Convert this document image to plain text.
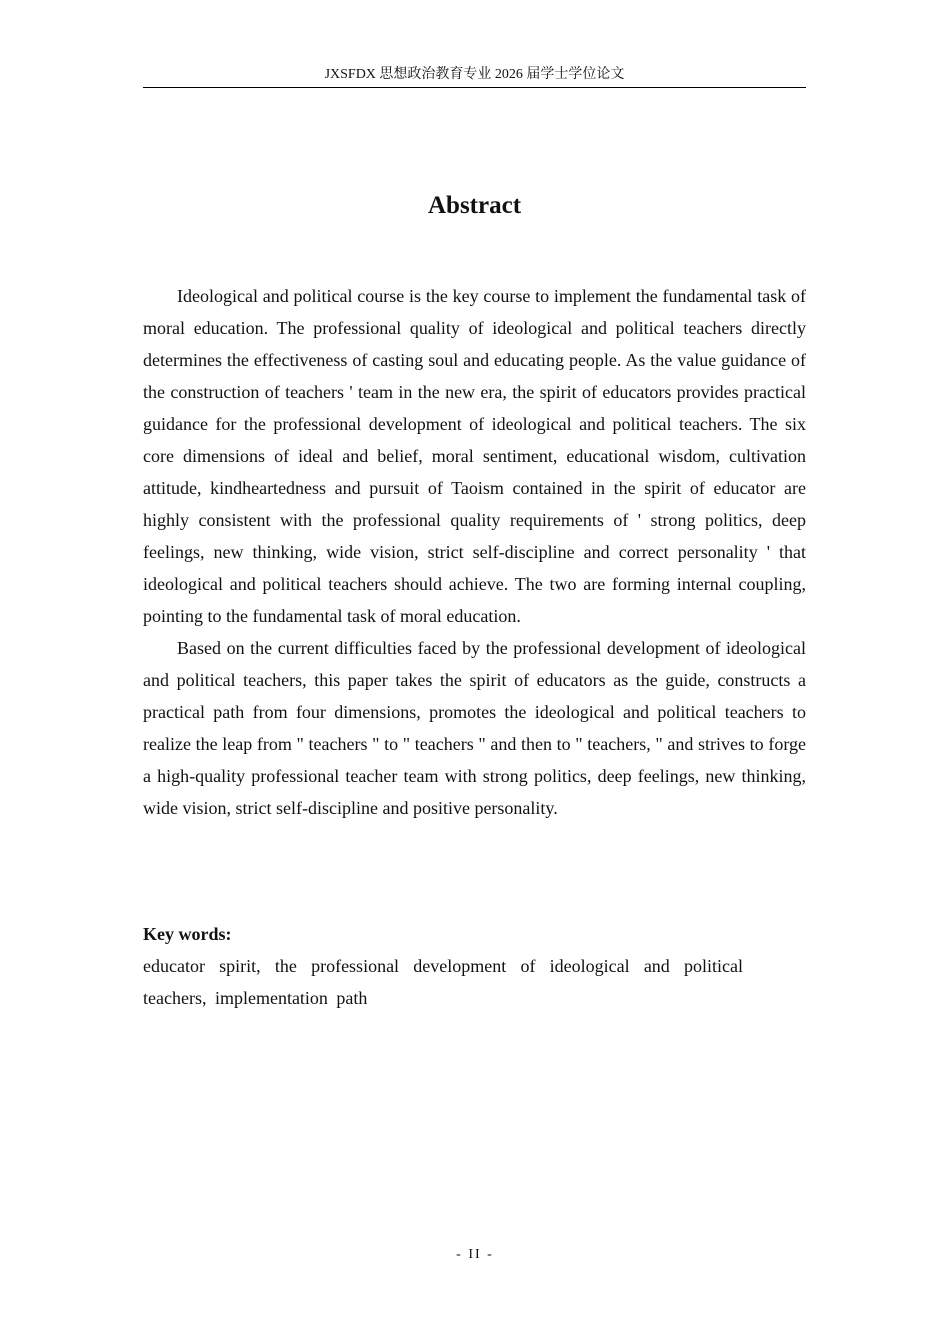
JXSFDX 思想政治教育专业 2026 届学士学位论文
Abstract

Ideological and political course is the key course to implement the fundamental task of moral education. The professional quality of ideological and political teachers directly determines the effectiveness of casting soul and educating people. As the value guidance of the construction of teachers ' team in the new era, the spirit of educators provides practical guidance for the professional development of ideological and political teachers. The six core dimensions of ideal and belief, moral sentiment, educational wisdom, cultivation attitude, kindheartedness and pursuit of Taoism contained in the spirit of educator are highly consistent with the professional quality requirements of ' strong politics, deep feelings, new thinking, wide vision, strict self-discipline and correct personality ' that ideological and political teachers should achieve. The two are forming internal coupling, pointing to the fundamental task of moral education.

Based on the current difficulties faced by the professional development of ideological and political teachers, this paper takes the spirit of educators as the guide, constructs a practical path from four dimensions, promotes the ideological and political teachers to realize the leap from " teachers " to " teachers " and then to " teachers, " and strives to forge a high-quality professional teacher team with strong politics, deep feelings, new thinking, wide vision, strict self-discipline and positive personality.

Key words:
educator spirit, the professional development of ideological and political teachers, implementation path
- II -
